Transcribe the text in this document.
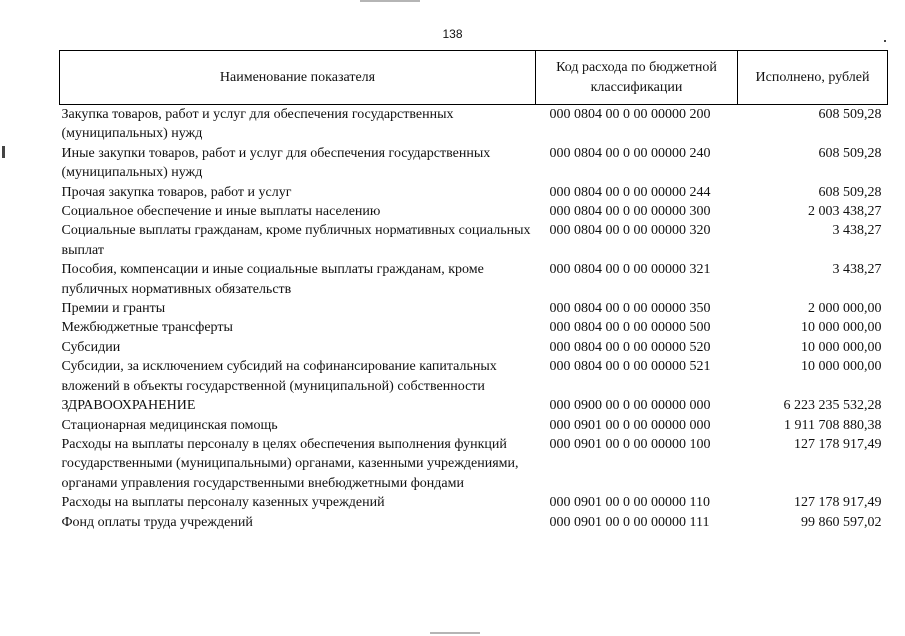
138
Наименование показателя	Код расхода по бюджетной классификации	Исполнено, рублей
Закупка товаров, работ и услуг для обеспечения государственных (муниципальных) нужд	000 0804 00 0 00 00000 200	608 509,28
Иные закупки товаров, работ и услуг для обеспечения государственных (муниципальных) нужд	000 0804 00 0 00 00000 240	608 509,28
Прочая закупка товаров, работ и услуг	000 0804 00 0 00 00000 244	608 509,28
Социальное обеспечение и иные выплаты населению	000 0804 00 0 00 00000 300	2 003 438,27
Социальные выплаты гражданам, кроме публичных нормативных социальных выплат	000 0804 00 0 00 00000 320	3 438,27
Пособия, компенсации и иные социальные выплаты гражданам, кроме публичных нормативных обязательств	000 0804 00 0 00 00000 321	3 438,27
Премии и гранты	000 0804 00 0 00 00000 350	2 000 000,00
Межбюджетные трансферты	000 0804 00 0 00 00000 500	10 000 000,00
Субсидии	000 0804 00 0 00 00000 520	10 000 000,00
Субсидии, за исключением субсидий на софинансирование капитальных вложений в объекты государственной (муниципальной) собственности	000 0804 00 0 00 00000 521	10 000 000,00
ЗДРАВООХРАНЕНИЕ	000 0900 00 0 00 00000 000	6 223 235 532,28
Стационарная медицинская помощь	000 0901 00 0 00 00000 000	1 911 708 880,38
Расходы на выплаты персоналу в целях обеспечения выполнения функций государственными (муниципальными) органами, казенными учреждениями, органами управления государственными внебюджетными фондами	000 0901 00 0 00 00000 100	127 178 917,49
Расходы на выплаты персоналу казенных учреждений	000 0901 00 0 00 00000 110	127 178 917,49
Фонд оплаты труда учреждений	000 0901 00 0 00 00000 111	99 860 597,02
